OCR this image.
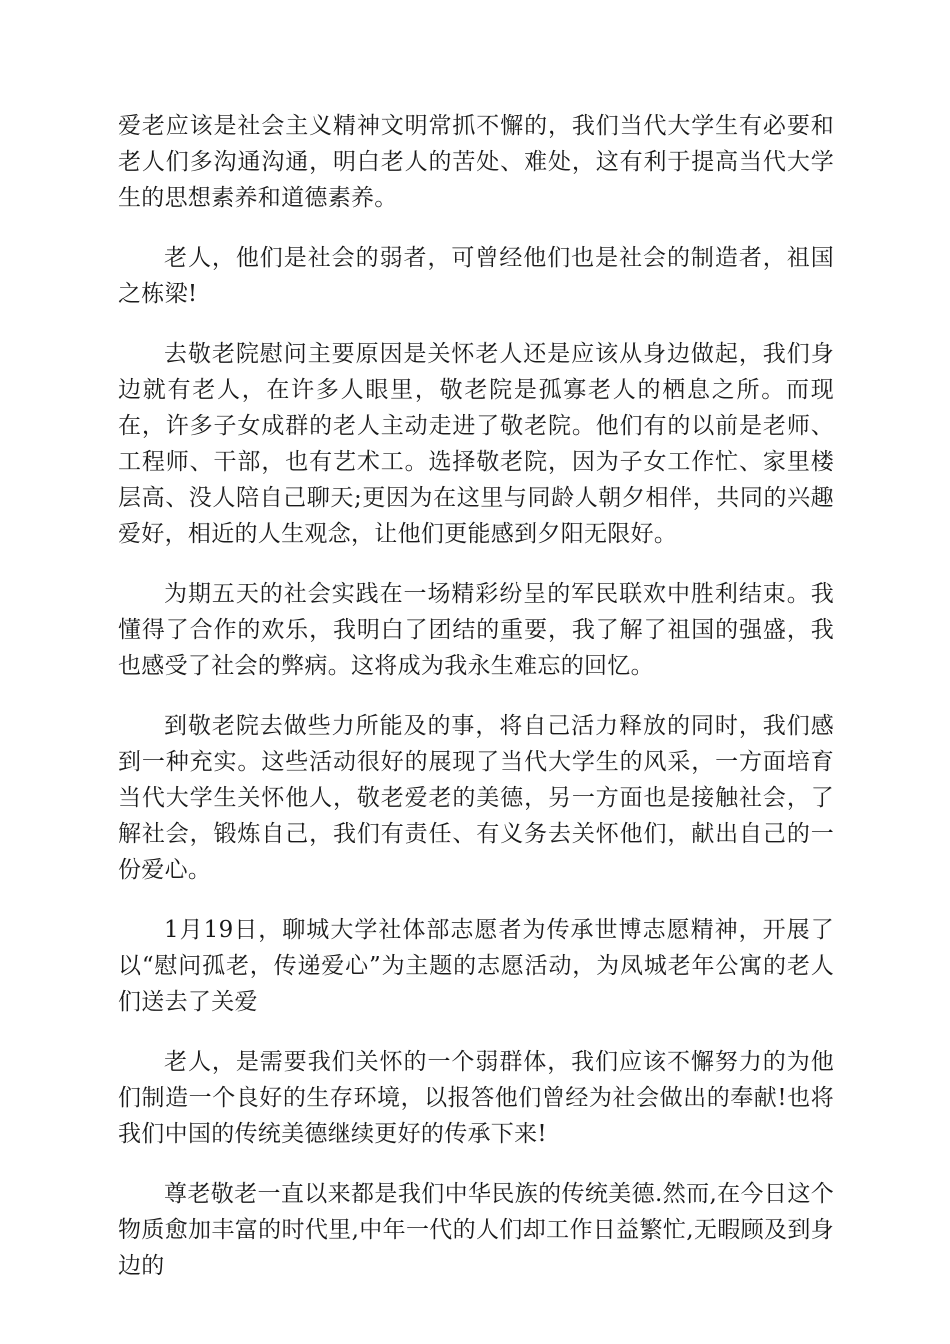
爱老应该是社会主义精神文明常抓不懈的，我们当代大学生有必要和老人们多沟通沟通，明白老人的苦处、难处，这有利于提高当代大学生的思想素养和道德素养。

老人，他们是社会的弱者，可曾经他们也是社会的制造者，祖国之栋梁!

去敬老院慰问主要原因是关怀老人还是应该从身边做起，我们身边就有老人，在许多人眼里，敬老院是孤寡老人的栖息之所。而现在，许多子女成群的老人主动走进了敬老院。他们有的以前是老师、工程师、干部，也有艺术工。选择敬老院，因为子女工作忙、家里楼层高、没人陪自己聊天;更因为在这里与同龄人朝夕相伴，共同的兴趣爱好，相近的人生观念，让他们更能感到夕阳无限好。

为期五天的社会实践在一场精彩纷呈的军民联欢中胜利结束。我懂得了合作的欢乐，我明白了团结的重要，我了解了祖国的强盛，我也感受了社会的弊病。这将成为我永生难忘的回忆。

到敬老院去做些力所能及的事，将自己活力释放的同时，我们感到一种充实。这些活动很好的展现了当代大学生的风采，一方面培育当代大学生关怀他人，敬老爱老的美德，另一方面也是接触社会，了解社会，锻炼自己，我们有责任、有义务去关怀他们，献出自己的一份爱心。

1月19日，聊城大学社体部志愿者为传承世博志愿精神，开展了以“慰问孤老，传递爱心”为主题的志愿活动，为凤城老年公寓的老人们送去了关爱

老人，是需要我们关怀的一个弱群体，我们应该不懈努力的为他们制造一个良好的生存环境，以报答他们曾经为社会做出的奉献!也将我们中国的传统美德继续更好的传承下来!

尊老敬老一直以来都是我们中华民族的传统美德.然而,在今日这个物质愈加丰富的时代里,中年一代的人们却工作日益繁忙,无暇顾及到身边的
